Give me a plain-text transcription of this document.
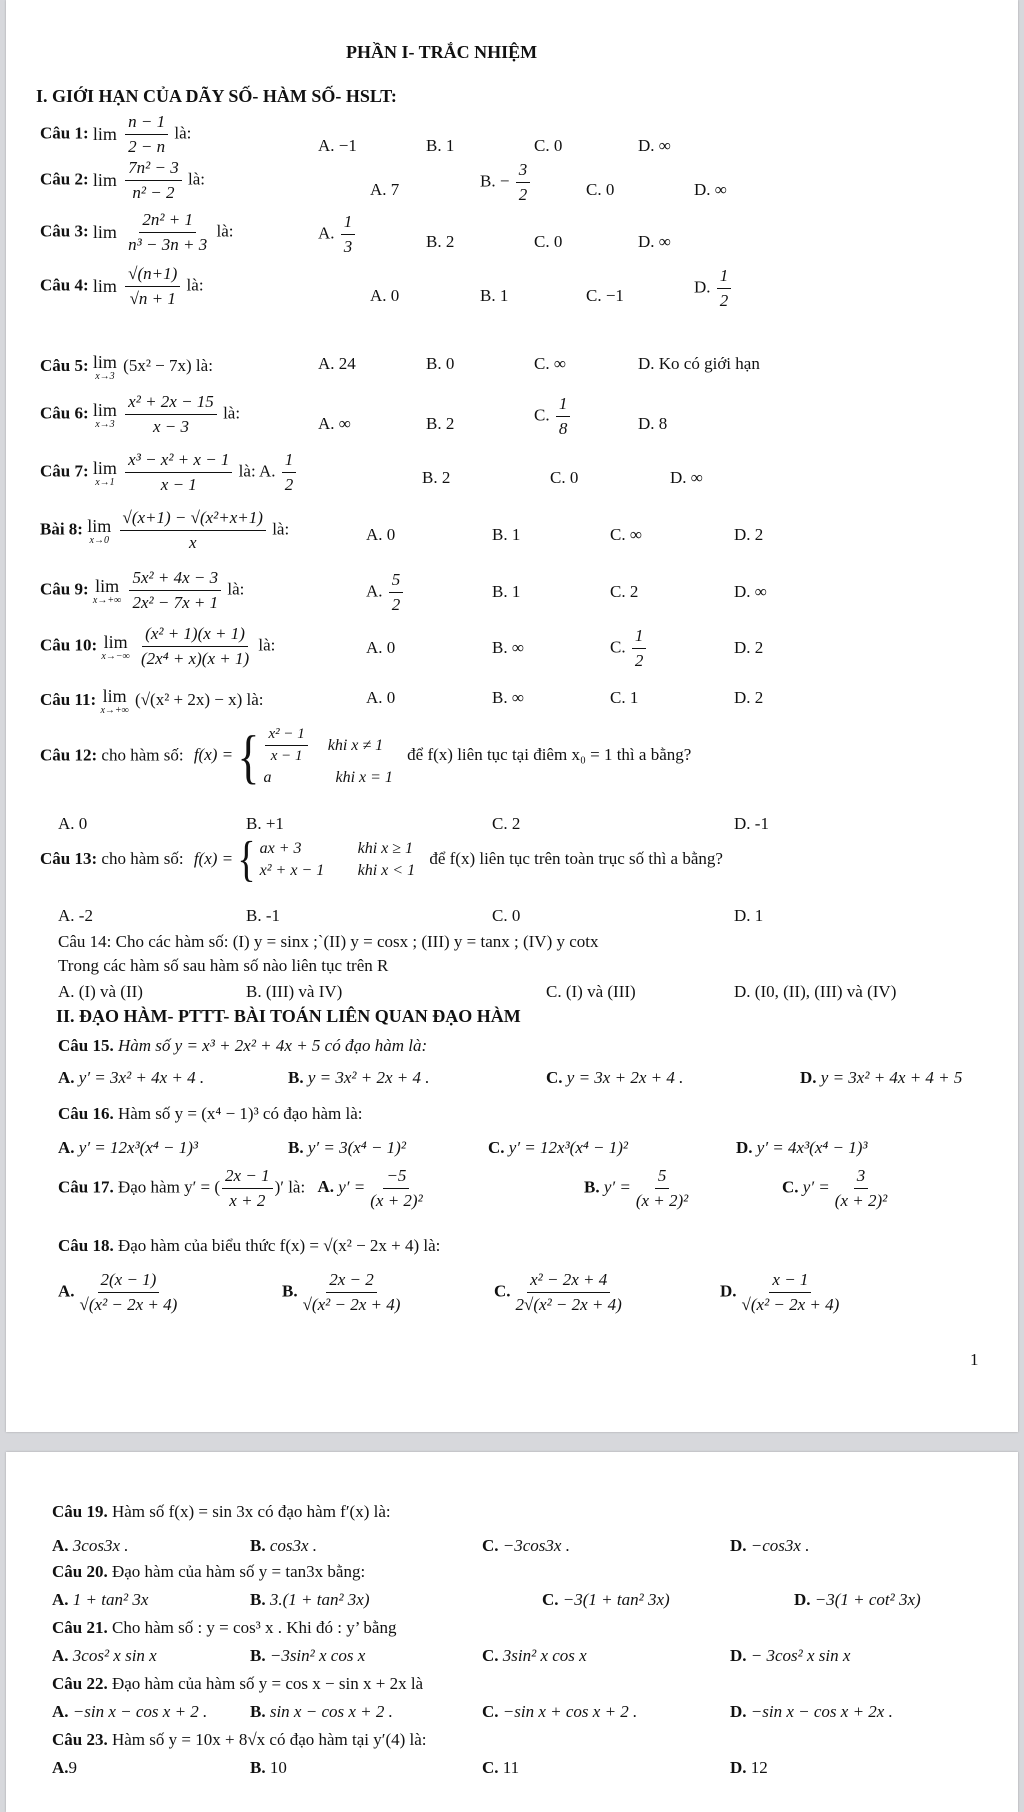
PHẦN I- TRẮC NHIỆM
I. GIỚI HẠN CỦA DÃY SỐ- HÀM SỐ- HSLT:
Câu 1: lim
$\frac{n - 1}{2 - n}$ là:
A. −1	B. 1	C. 0	D. ∞
Câu 2: lim
$\frac{\text{7n² − 3}}{\text{n² − 2}}$ là:
A. 7	B. − $\frac{3}{2}$	C. 0	D. ∞
Câu 3: lim
$\frac{\text{2n² + 1}}{\text{n³ − 3n + 3}}$ là:	A. $\frac{1}{3}$	B. 2	C. 0	D. ∞
Câu 4: lim
$\frac{√(n+1)}{√n + 1}$ là:
A. 0	B. 1	C. −1	D. $\frac{1}{2}$
Câu 5: lim
x→3
(5x² − 7x) là:	A. 24	B. 0	C. ∞	D. Ko có giới hạn
Câu 6: lim
x→3
$\frac{\text{x² + 2x − 15}}{x - 3}$ là:
A. ∞	B. 2	C. $\frac{1}{8}$	D. 8
Câu 7: lim
x→1
$\frac{\text{x³ − x² + x − 1}}{x - 1}$ là: A. $\frac{1}{2}$	B. 2	C. 0	D. ∞
Bài 8: lim
x→0
$\frac{\text{√(x+1) − √(x²+x+1)}}{x}$ là:	A. 0	B. 1	C. ∞	D. 2
Câu 9: lim
x→+∞
$\frac{\text{5x² + 4x − 3}}{\text{2x² − 7x + 1}}$ là:	A. $\frac{5}{2}$	B. 1	C. 2	D. ∞
Câu 10: lim
x→−∞
$\frac{\text{(x² + 1)(x + 1)}}{\text{(2x⁴ + x)(x + 1)}}$ là:	A. 0	B. ∞	C. $\frac{1}{2}$	D. 2
Câu 11: lim
x→+∞
(√(x² + 2x) − x) là:	A. 0	B. ∞	C. 1	D. 2
Câu 12: cho hàm số: f(x) = { $\frac{\text{x² − 1}}{x - 1}$ khi x ≠ 1
a	khi x = 1
để f(x) liên tục tại điêm x₀ = 1 thì a bằng?
A. 0	B. +1	C. 2	D. -1
Câu 13: cho hàm số: f(x) = { ax + 3	khi x ≥ 1
x² + x − 1	khi x < 1
để f(x) liên tục trên toàn trục số thì a bằng?
A. -2	B. -1	C. 0	D. 1
Câu 14: Cho các hàm số: (I) y = sinx ;`(II) y = cosx ; (III) y = tanx ; (IV) y cotx
Trong các hàm số sau hàm số nào liên tục trên R
A. (I) và (II)	B. (III) và IV)	C. (I) và (III)	D. (I0, (II), (III) và (IV)
II. ĐẠO HÀM- PTTT- BÀI TOÁN LIÊN QUAN ĐẠO HÀM
Câu 15. Hàm số y = x³ + 2x² + 4x + 5 có đạo hàm là:
A. y′ = 3x² + 4x + 4 .	B. y = 3x² + 2x + 4 .	C. y = 3x + 2x + 4 .	D. y = 3x² + 4x + 4 + 5
Câu 16. Hàm số y = (x⁴ − 1)³ có đạo hàm là:
A. y′ = 12x³(x⁴ − 1)³	B. y′ = 3(x⁴ − 1)²	C. y′ = 12x³(x⁴ − 1)²	D. y′ = 4x³(x⁴ − 1)³
Câu 17. Đạo hàm y′ = ( $\frac{2x - 1}{x + 2}$ )′ là: A. $y' = \frac{-5}{\text{(x + 2)²}}$	B. $y' = \frac{5}{\text{(x + 2)²}}$	C. $y' = \frac{3}{\text{(x + 2)²}}$
Câu 18. Đạo hàm của biểu thức f(x) = √(x² − 2x + 4) là:
A. $\frac{2(x - 1)}{\text{√(x² − 2x + 4)}}$	B. $\frac{2x - 2}{\text{√(x² − 2x + 4)}}$	C. $\frac{\text{x² − 2x + 4}}{\text{2√(x² − 2x + 4)}}$	D. $\frac{x - 1}{\text{√(x² − 2x + 4)}}$
1
Câu 19. Hàm số f(x) = sin 3x có đạo hàm f′(x) là:
A. 3cos3x .	B. cos3x .	C. −3cos3x .	D. −cos3x .
Câu 20. Đạo hàm của hàm số y = tan3x bằng:
A. 1 + tan² 3x	B. 3.(1 + tan² 3x)	C. −3(1 + tan² 3x)	D. −3(1 + cot² 3x)
Câu 21. Cho hàm số : y = cos³ x . Khi đó : y’ bằng
A. 3cos² x sin x	B. −3sin² x cos x	C. 3sin² x cos x	D. − 3cos² x sin x
Câu 22. Đạo hàm của hàm số y = cos x − sin x + 2x là
A. −sin x − cos x + 2 .	B. sin x − cos x + 2 .	C. −sin x + cos x + 2 .	D. −sin x − cos x + 2x .
Câu 23. Hàm số y = 10x + 8√x có đạo hàm tại y′(4) là:
A.9	B. 10	C. 11	D. 12
